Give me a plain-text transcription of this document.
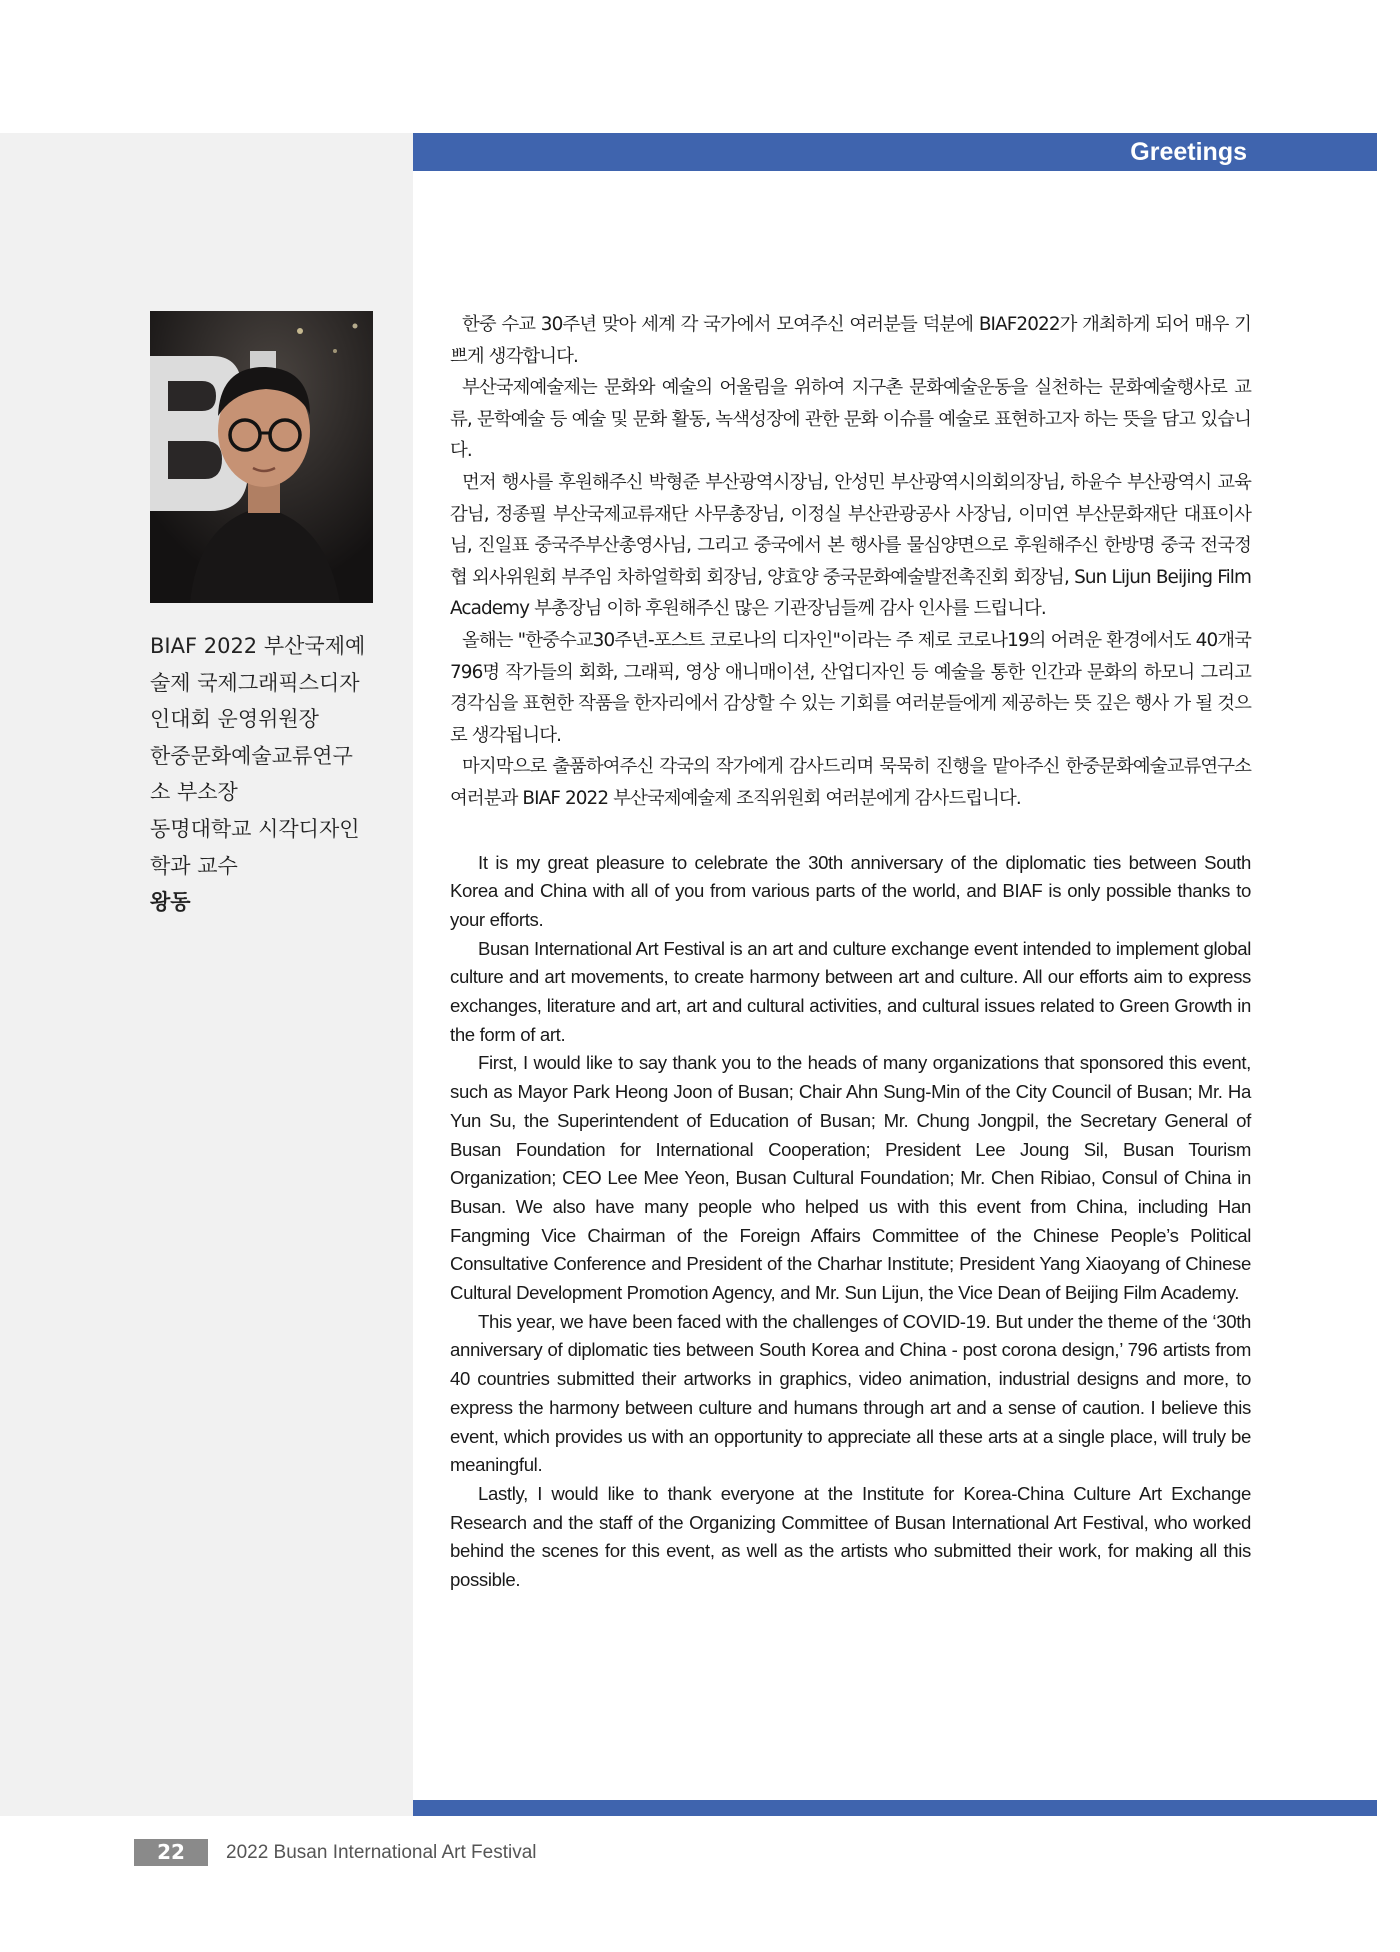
Greetings
BIAF 2022 부산국제예
술제 국제그래픽스디자
인대회 운영위원장
한중문화예술교류연구
소 부소장
동명대학교 시각디자인
학과 교수
왕동

한중 수교 30주년 맞아 세계 각 국가에서 모여주신 여러분들 덕분에 BIAF2022가 개최하게 되어 매우 기쁘게 생각합니다.

부산국제예술제는 문화와 예술의 어울림을 위하여 지구촌 문화예술운동을 실천하는 문화예술행사로 교류, 문학예술 등 예술 및 문화 활동, 녹색성장에 관한 문화 이슈를 예술로 표현하고자 하는 뜻을 담고 있습니다.

먼저 행사를 후원해주신 박형준 부산광역시장님, 안성민 부산광역시의회의장님, 하윤수 부산광역시 교육감님, 정종필 부산국제교류재단 사무총장님, 이정실 부산관광공사 사장님, 이미연 부산문화재단 대표이사님, 진일표 중국주부산총영사님, 그리고 중국에서 본 행사를 물심양면으로 후원해주신 한방명 중국 전국정협 외사위원회 부주임 차하얼학회 회장님, 양효양 중국문화예술발전촉진회 회장님, Sun Lijun Beijing Film Academy 부총장님 이하 후원해주신 많은 기관장님들께 감사 인사를 드립니다.

올해는 "한중수교30주년-포스트 코로나의 디자인"이라는 주 제로 코로나19의 어려운 환경에서도 40개국 796명 작가들의 회화, 그래픽, 영상 애니매이션, 산업디자인 등 예술을 통한 인간과 문화의 하모니 그리고 경각심을 표현한 작품을 한자리에서 감상할 수 있는 기회를 여러분들에게 제공하는 뜻 깊은 행사 가 될 것으로 생각됩니다.

마지막으로 출품하여주신 각국의 작가에게 감사드리며 묵묵히 진행을 맡아주신 한중문화예술교류연구소 여러분과 BIAF 2022 부산국제예술제 조직위원회 여러분에게 감사드립니다.

It is my great pleasure to celebrate the 30th anniversary of the diplomatic ties between South Korea and China with all of you from various parts of the world, and BIAF is only possible thanks to your efforts.

Busan International Art Festival is an art and culture exchange event intended to implement global culture and art movements, to create harmony between art and culture. All our efforts aim to express exchanges, literature and art, art and cultural activities, and cultural issues related to Green Growth in the form of art.

First, I would like to say thank you to the heads of many organizations that sponsored this event, such as Mayor Park Heong Joon of Busan; Chair Ahn Sung-Min of the City Council of Busan; Mr. Ha Yun Su, the Superintendent of Education of Busan; Mr. Chung Jongpil, the Secretary General of Busan Foundation for International Cooperation; President Lee Joung Sil, Busan Tourism Organization; CEO Lee Mee Yeon, Busan Cultural Foundation; Mr. Chen Ribiao, Consul of China in Busan. We also have many people who helped us with this event from China, including Han Fangming Vice Chairman of the Foreign Affairs Committee of the Chinese People’s Political Consultative Conference and President of the Charhar Institute; President Yang Xiaoyang of Chinese Cultural Development Promotion Agency, and Mr. Sun Lijun, the Vice Dean of Beijing Film Academy.

This year, we have been faced with the challenges of COVID-19. But under the theme of the ‘30th anniversary of diplomatic ties between South Korea and China - post corona design,’ 796 artists from 40 countries submitted their artworks in graphics, video animation, industrial designs and more, to express the harmony between culture and humans through art and a sense of caution. I believe this event, which provides us with an opportunity to appreciate all these arts at a single place, will truly be meaningful.

Lastly, I would like to thank everyone at the Institute for Korea-China Culture Art Exchange Research and the staff of the Organizing Committee of Busan International Art Festival, who worked behind the scenes for this event, as well as the artists who submitted their work, for making all this possible.

22	2022 Busan International Art Festival
